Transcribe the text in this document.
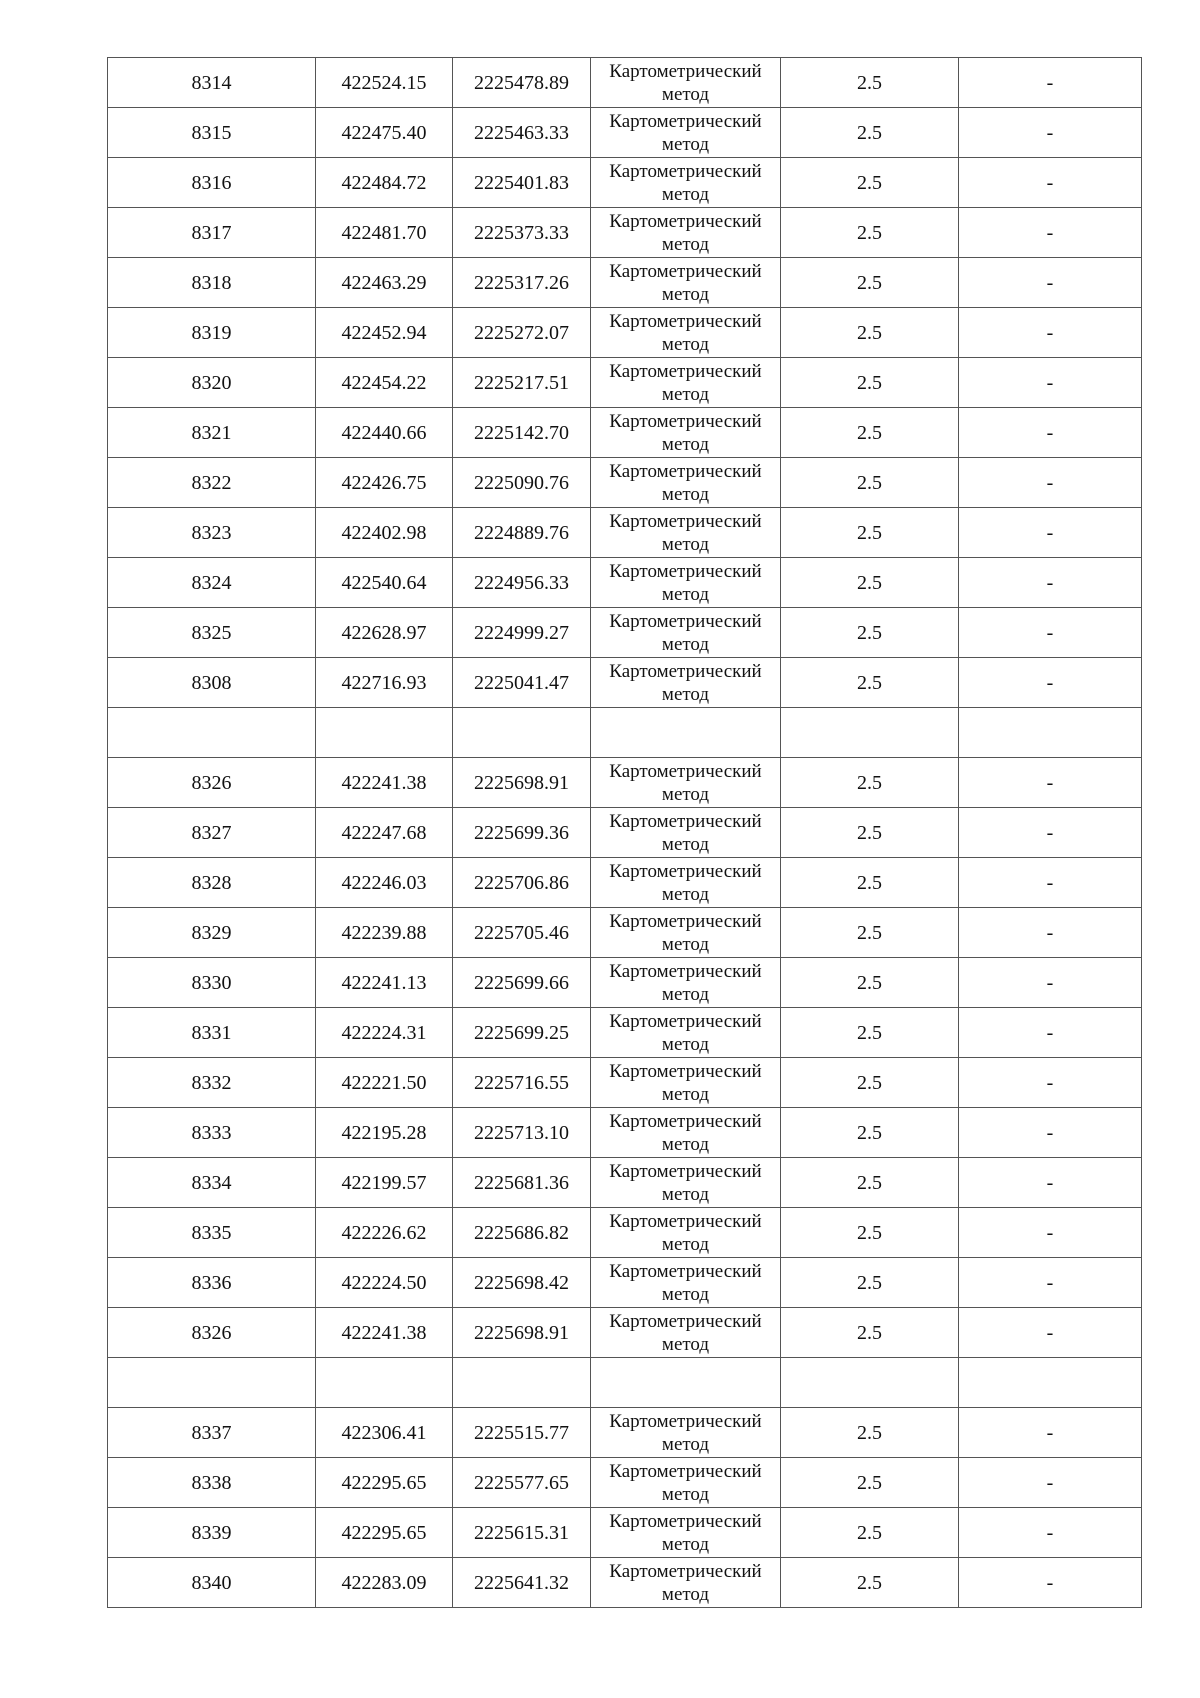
8314	422524.15	2225478.89	Картометрический
метод	2.5	-
8315	422475.40	2225463.33	Картометрический
метод	2.5	-
8316	422484.72	2225401.83	Картометрический
метод	2.5	-
8317	422481.70	2225373.33	Картометрический
метод	2.5	-
8318	422463.29	2225317.26	Картометрический
метод	2.5	-
8319	422452.94	2225272.07	Картометрический
метод	2.5	-
8320	422454.22	2225217.51	Картометрический
метод	2.5	-
8321	422440.66	2225142.70	Картометрический
метод	2.5	-
8322	422426.75	2225090.76	Картометрический
метод	2.5	-
8323	422402.98	2224889.76	Картометрический
метод	2.5	-
8324	422540.64	2224956.33	Картометрический
метод	2.5	-
8325	422628.97	2224999.27	Картометрический
метод	2.5	-
8308	422716.93	2225041.47	Картометрический
метод	2.5	-

8326	422241.38	2225698.91	Картометрический
метод	2.5	-
8327	422247.68	2225699.36	Картометрический
метод	2.5	-
8328	422246.03	2225706.86	Картометрический
метод	2.5	-
8329	422239.88	2225705.46	Картометрический
метод	2.5	-
8330	422241.13	2225699.66	Картометрический
метод	2.5	-
8331	422224.31	2225699.25	Картометрический
метод	2.5	-
8332	422221.50	2225716.55	Картометрический
метод	2.5	-
8333	422195.28	2225713.10	Картометрический
метод	2.5	-
8334	422199.57	2225681.36	Картометрический
метод	2.5	-
8335	422226.62	2225686.82	Картометрический
метод	2.5	-
8336	422224.50	2225698.42	Картометрический
метод	2.5	-
8326	422241.38	2225698.91	Картометрический
метод	2.5	-

8337	422306.41	2225515.77	Картометрический
метод	2.5	-
8338	422295.65	2225577.65	Картометрический
метод	2.5	-
8339	422295.65	2225615.31	Картометрический
метод	2.5	-
8340	422283.09	2225641.32	Картометрический
метод	2.5	-
